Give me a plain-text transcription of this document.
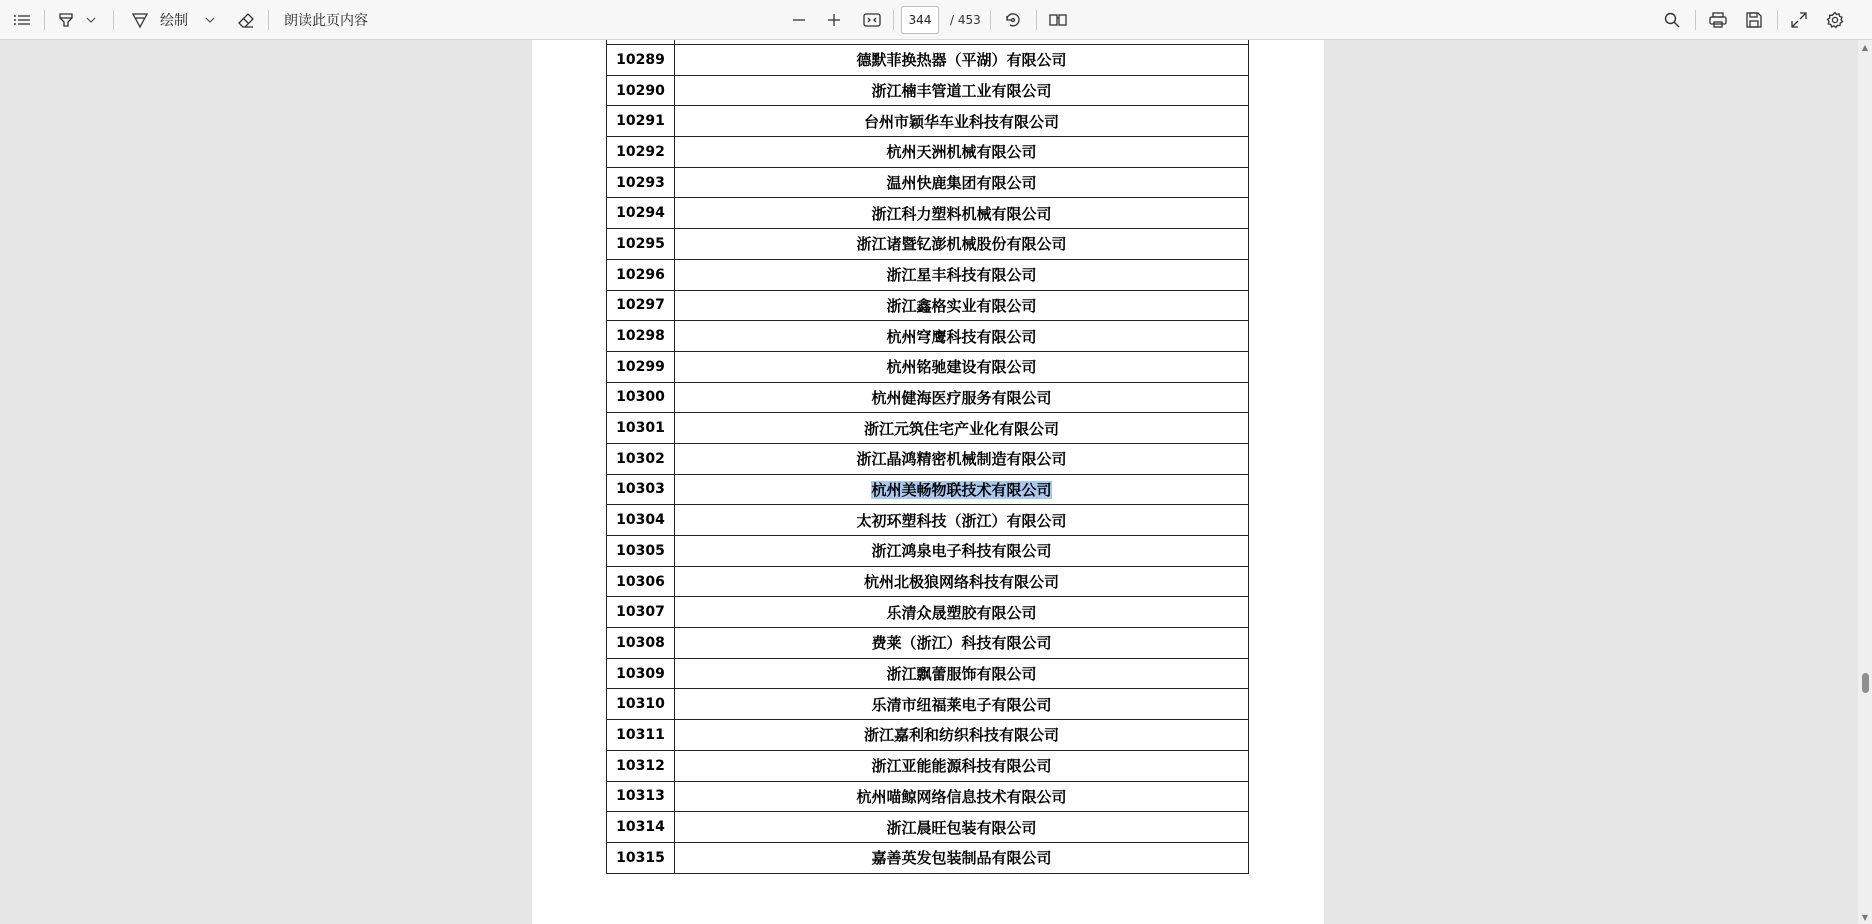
绘制	朗读此页内容	344 / 453

10289	德默菲换热器（平湖）有限公司
10290	浙江楠丰管道工业有限公司
10291	台州市颖华车业科技有限公司
10292	杭州天洲机械有限公司
10293	温州快鹿集团有限公司
10294	浙江科力塑料机械有限公司
10295	浙江诸暨钇澎机械股份有限公司
10296	浙江星丰科技有限公司
10297	浙江鑫格实业有限公司
10298	杭州穹鹰科技有限公司
10299	杭州铭驰建设有限公司
10300	杭州健海医疗服务有限公司
10301	浙江元筑住宅产业化有限公司
10302	浙江晶鸿精密机械制造有限公司
10303	杭州美畅物联技术有限公司
10304	太初环塑科技（浙江）有限公司
10305	浙江鸿泉电子科技有限公司
10306	杭州北极狼网络科技有限公司
10307	乐清众晟塑胶有限公司
10308	费莱（浙江）科技有限公司
10309	浙江飘蕾服饰有限公司
10310	乐清市纽福莱电子有限公司
10311	浙江嘉利和纺织科技有限公司
10312	浙江亚能能源科技有限公司
10313	杭州喵鲸网络信息技术有限公司
10314	浙江晨旺包装有限公司
10315	嘉善英发包装制品有限公司
▲
▼
